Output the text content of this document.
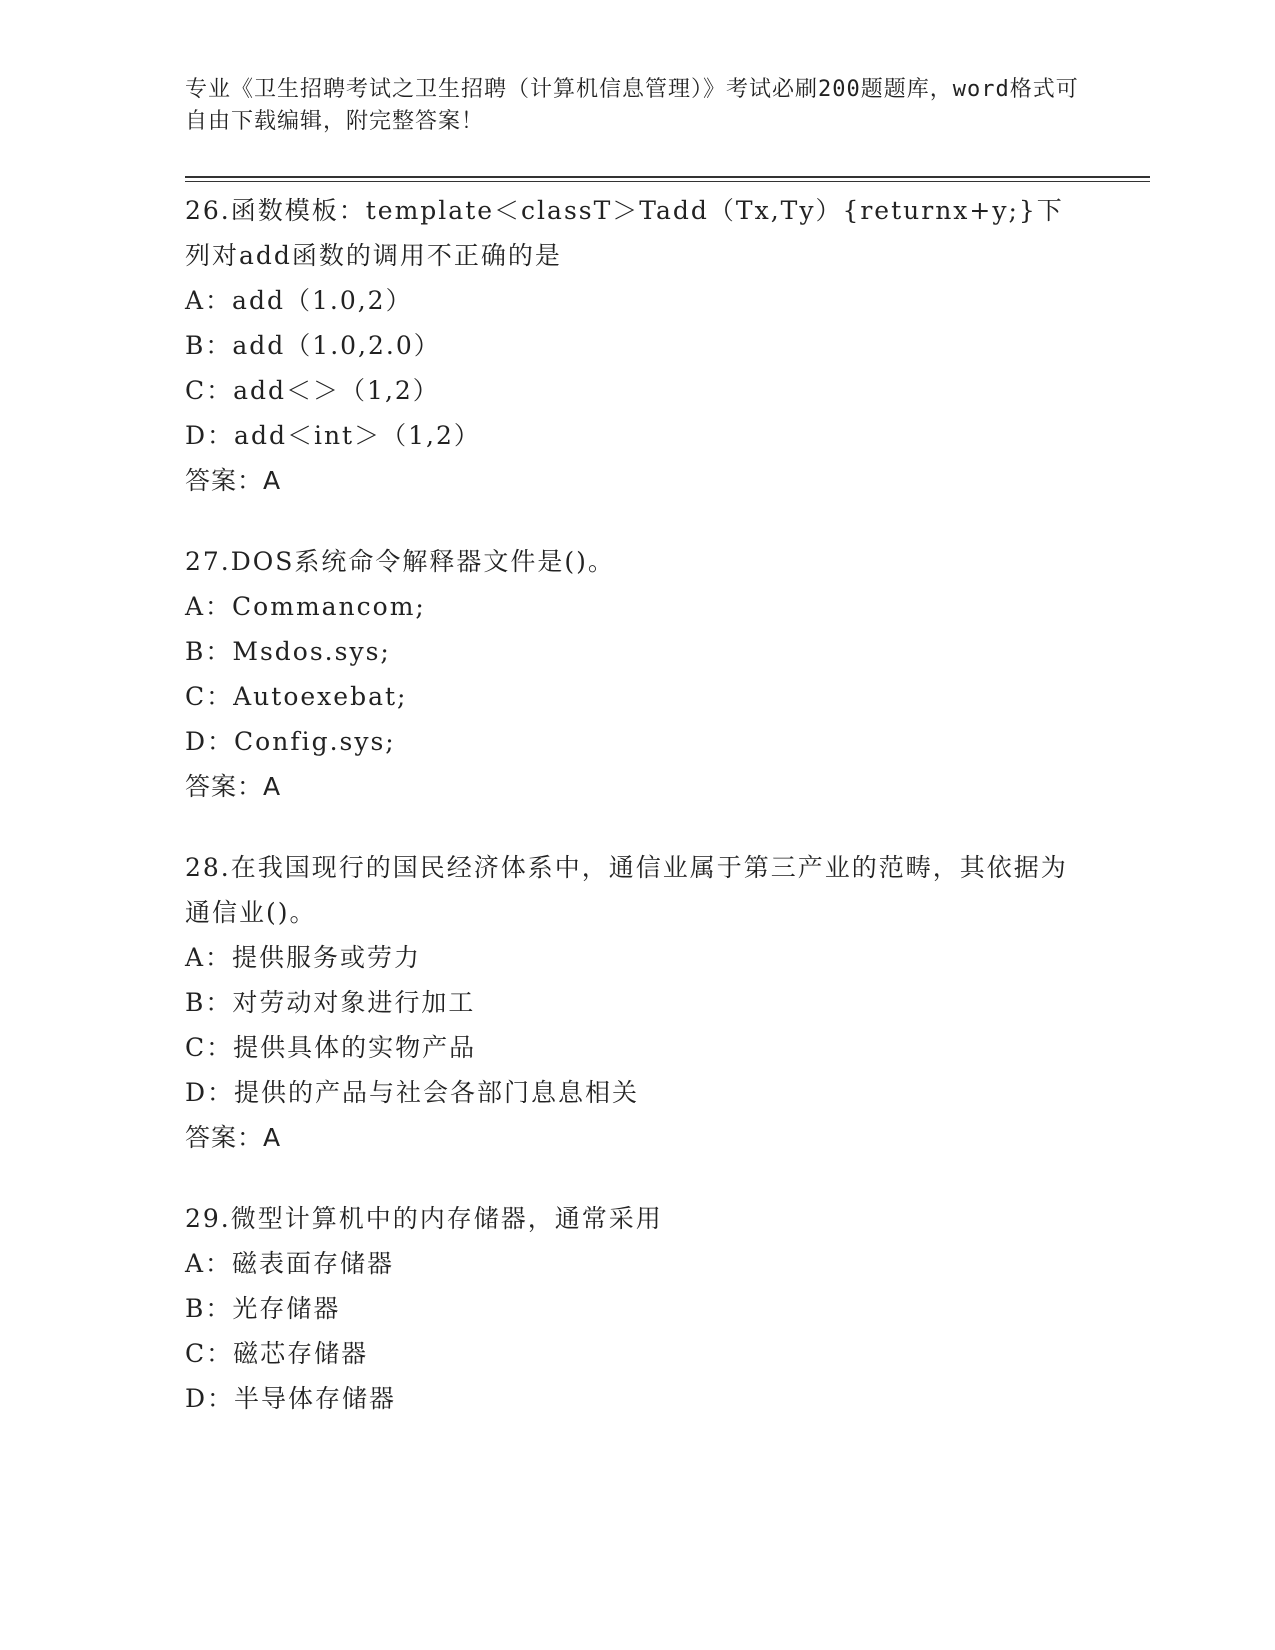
专业《卫生招聘考试之卫生招聘（计算机信息管理）》考试必刷200题题库，word格式可自由下载编辑，附完整答案！
26.函数模板：template＜classT＞Tadd（Tx,Ty）{returnx+y;}下列对add函数的调用不正确的是
A：add（1.0,2）
B：add（1.0,2.0）
C：add＜＞（1,2）
D：add＜int＞（1,2）
答案：A
27.DOS系统命令解释器文件是()。
A：Commancom;
B：Msdos.sys;
C：Autoexebat;
D：Config.sys;
答案：A
28.在我国现行的国民经济体系中，通信业属于第三产业的范畴，其依据为通信业()。
A：提供服务或劳力
B：对劳动对象进行加工
C：提供具体的实物产品
D：提供的产品与社会各部门息息相关
答案：A
29.微型计算机中的内存储器，通常采用
A：磁表面存储器
B：光存储器
C：磁芯存储器
D：半导体存储器
